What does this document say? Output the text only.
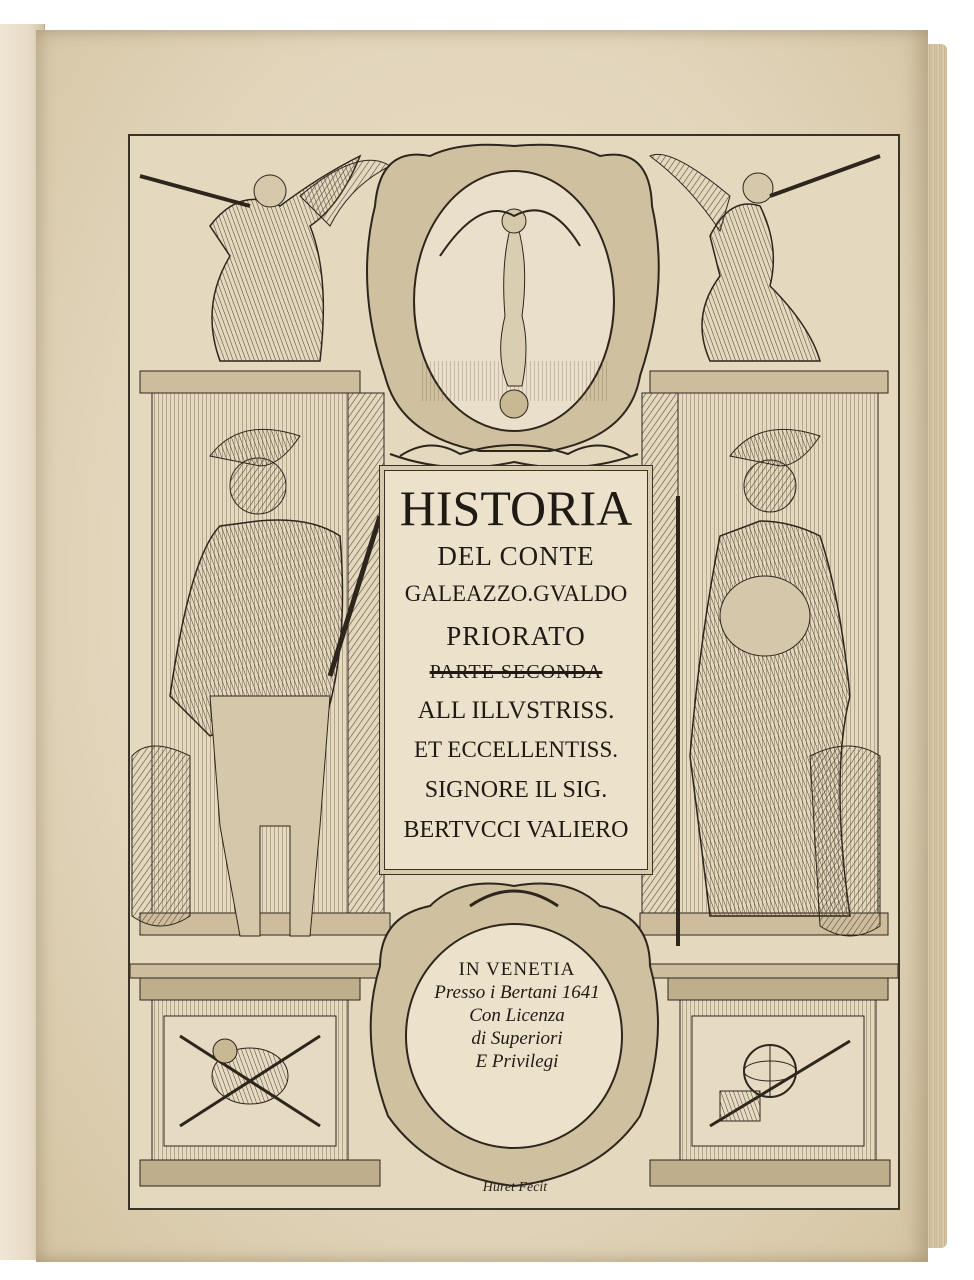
HISTORIA
DEL CONTE
GALEAZZO.GVALDO
PRIORATO
PARTE SECONDA
ALL ILLVSTRISS.
ET ECCELLENTISS.
SIGNORE IL SIG.
BERTVCCI VALIERO
IN VENETIA
Presso i Bertani 1641
Con Licenza
di Superiori
E Privilegi
Huret Fecit
